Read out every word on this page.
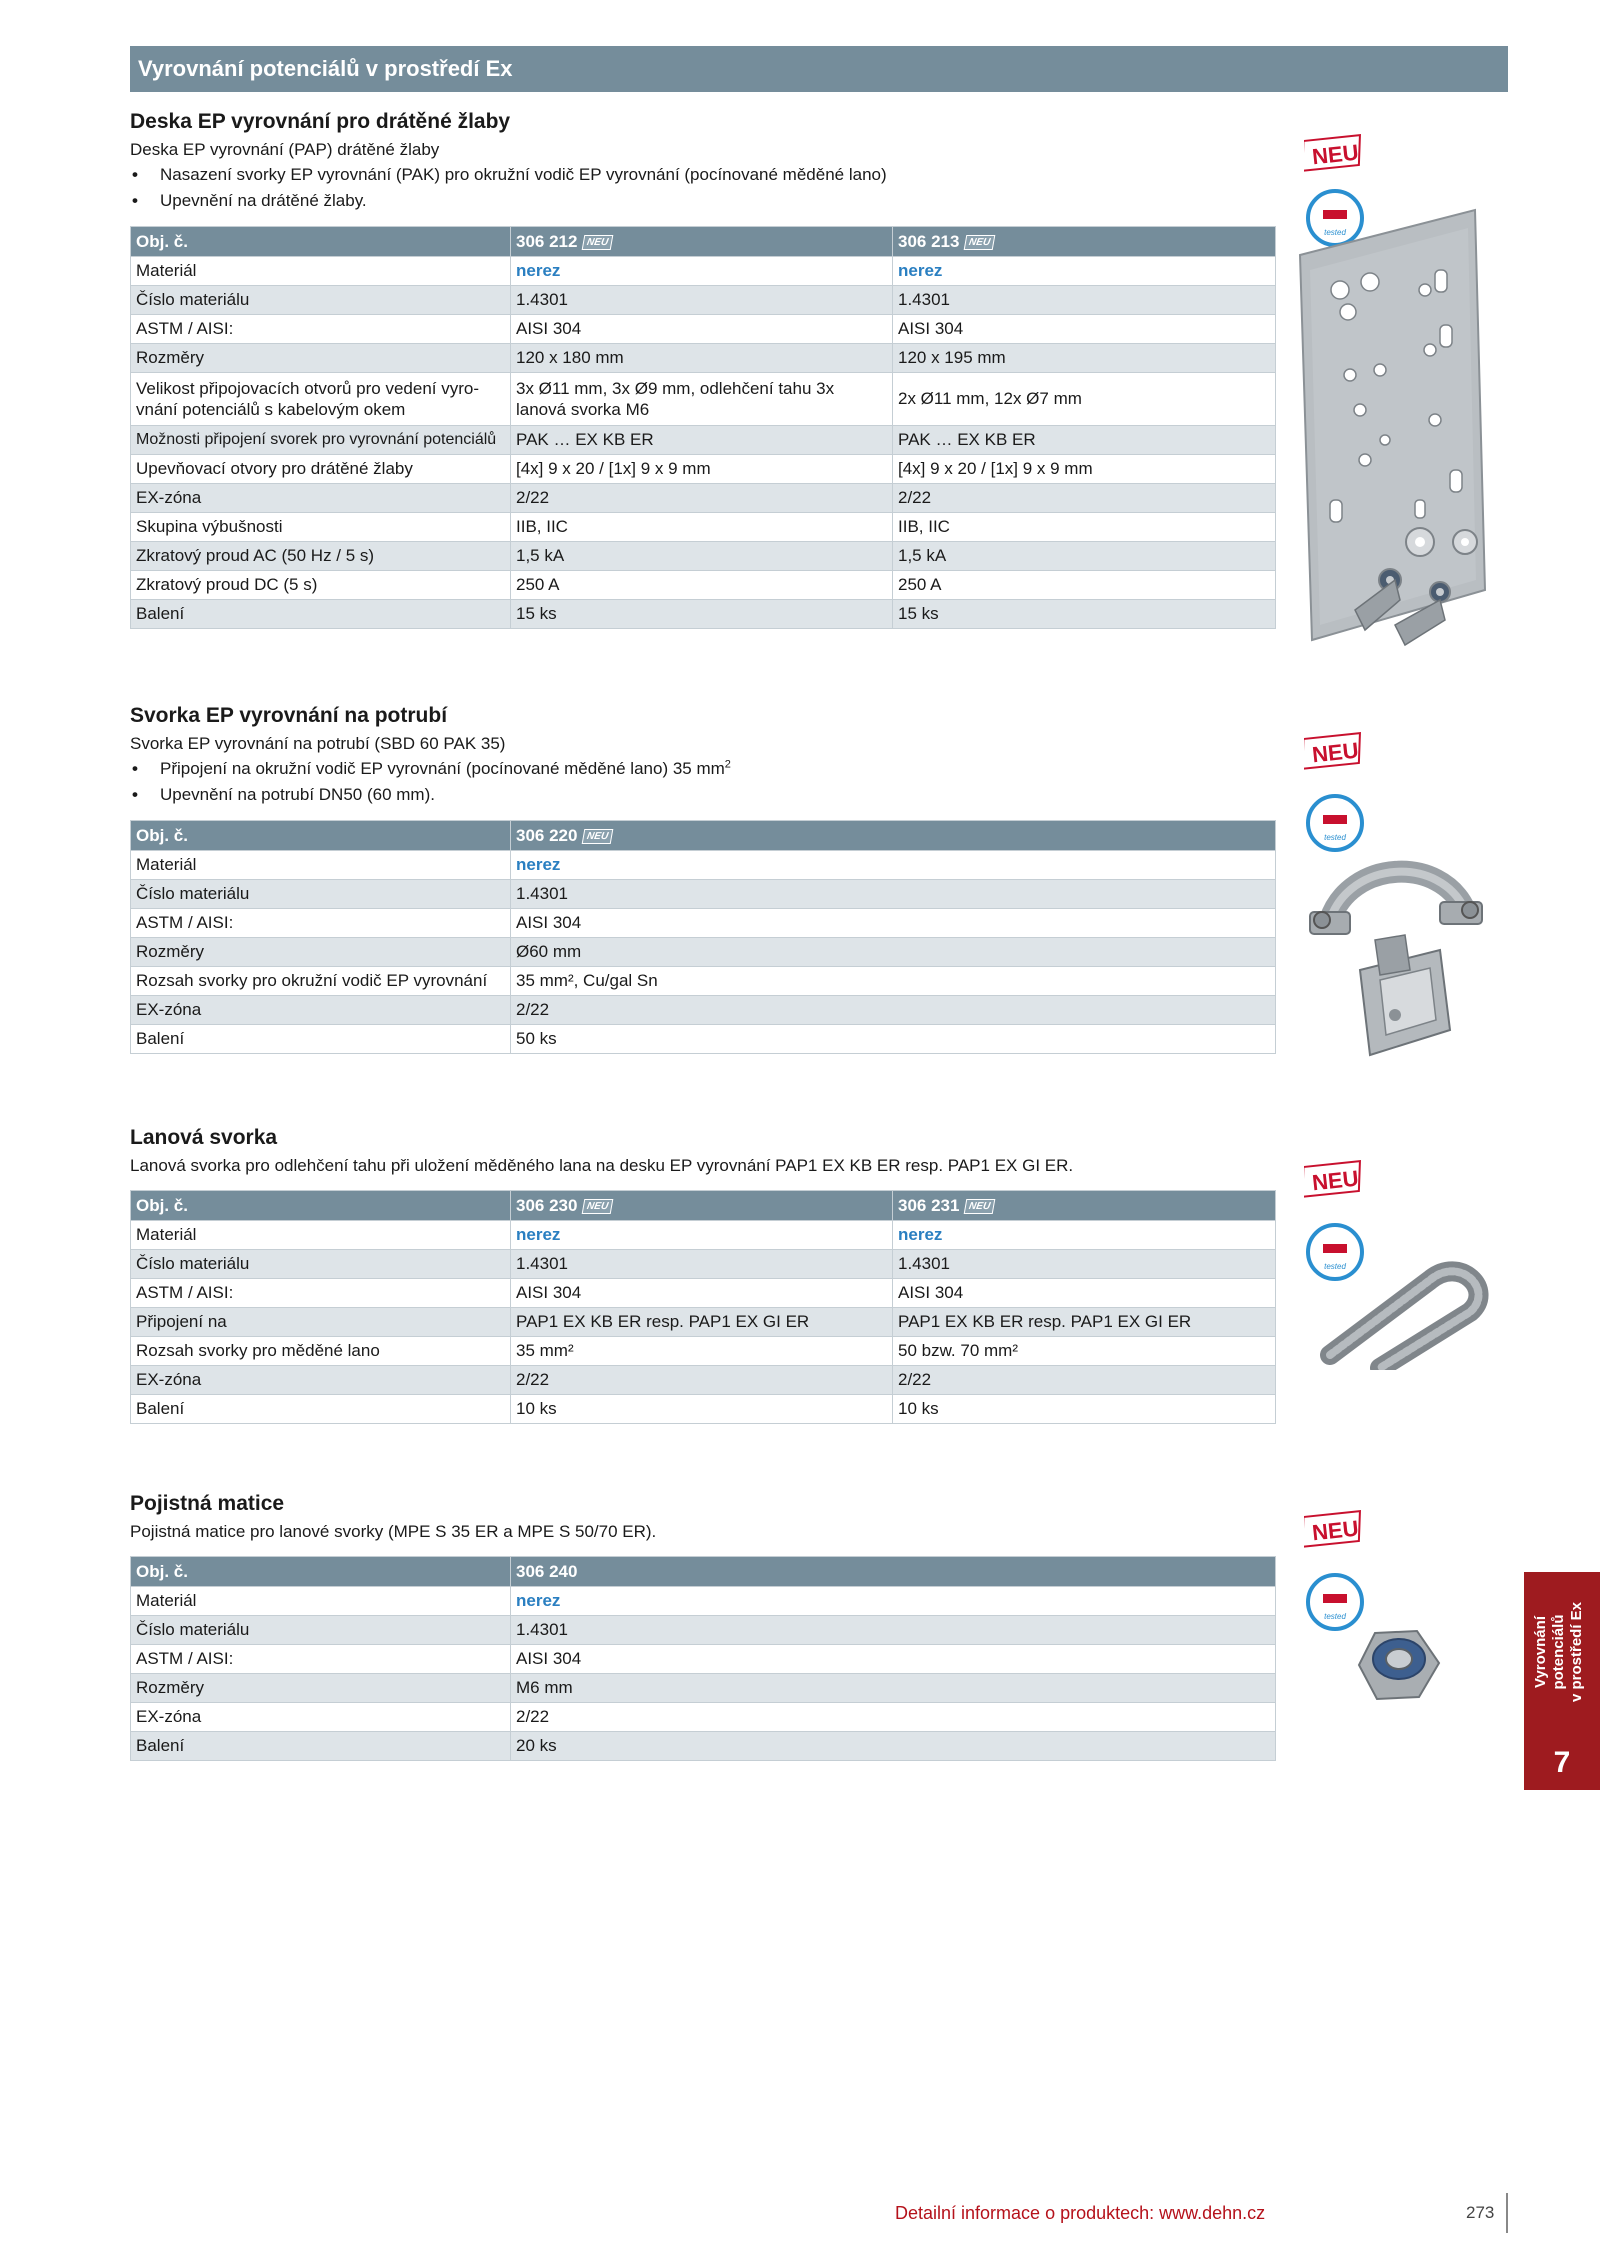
Vyrovnání potenciálů v prostředí Ex
Deska EP vyrovnání pro drátěné žlaby

Deska EP vyrovnání (PAP) drátěné žlaby

• Nasazení svorky EP vyrovnání (PAK) pro okružní vodič EP vyrovnání (pocínované měděné lano)
• Upevnění na drátěné žlaby.
Obj. č.	306 212 NEU	306 213 NEU
Materiál	nerez	nerez
Číslo materiálu	1.4301	1.4301
ASTM / AISI:	AISI 304	AISI 304
Rozměry	120 x 180 mm	120 x 195 mm
Velikost připojovacích otvorů pro vedení vyro-vnání potenciálů s kabelovým okem	3x Ø11 mm, 3x Ø9 mm, odlehčení tahu 3x lanová svorka M6	2x Ø11 mm, 12x Ø7 mm
Možnosti připojení svorek pro vyrovnání potenciálů	PAK … EX KB ER	PAK … EX KB ER
Upevňovací otvory pro drátěné žlaby	[4x] 9 x 20 / [1x] 9 x 9 mm	[4x] 9 x 20 / [1x] 9 x 9 mm
EX-zóna	2/22	2/22
Skupina výbušnosti	IIB, IIC	IIB, IIC
Zkratový proud AC (50 Hz / 5 s)	1,5 kA	1,5 kA
Zkratový proud DC (5 s)	250 A	250 A
Balení	15 ks	15 ks
Svorka EP vyrovnání na potrubí

Svorka EP vyrovnání na potrubí (SBD 60 PAK 35)

• Připojení na okružní vodič EP vyrovnání (pocínované měděné lano) 35 $mm^2$
• Upevnění na potrubí DN50 (60 mm).
Obj. č.	306 220 NEU
Materiál	nerez
Číslo materiálu	1.4301
ASTM / AISI:	AISI 304
Rozměry	Ø60 mm
Rozsah svorky pro okružní vodič EP vyrovnání	35 mm², Cu/gal Sn
EX-zóna	2/22
Balení	50 ks
Lanová svorka

Lanová svorka pro odlehčení tahu při uložení měděného lana na desku EP vyrovnání PAP1 EX KB ER resp. PAP1 EX GI ER.

Obj. č.	306 230 NEU	306 231 NEU
Materiál	nerez	nerez
Číslo materiálu	1.4301	1.4301
ASTM / AISI:	AISI 304	AISI 304
Připojení na	PAP1 EX KB ER resp. PAP1 EX GI ER	PAP1 EX KB ER resp. PAP1 EX GI ER
Rozsah svorky pro měděné lano	35 mm²	50 bzw. 70 mm²
EX-zóna	2/22	2/22
Balení	10 ks	10 ks
Pojistná matice

Pojistná matice pro lanové svorky (MPE S 35 ER a MPE S 50/70 ER).

Obj. č.	306 240
Materiál	nerez
Číslo materiálu	1.4301
ASTM / AISI:	AISI 304
Rozměry	M6 mm
EX-zóna	2/22
Balení	20 ks
NEU
tested
NEU
tested
NEU
tested
NEU
tested	Vyrovnání potenciálů v prostředí Ex
7
Detailní informace o produktech: www.dehn.cz	273
